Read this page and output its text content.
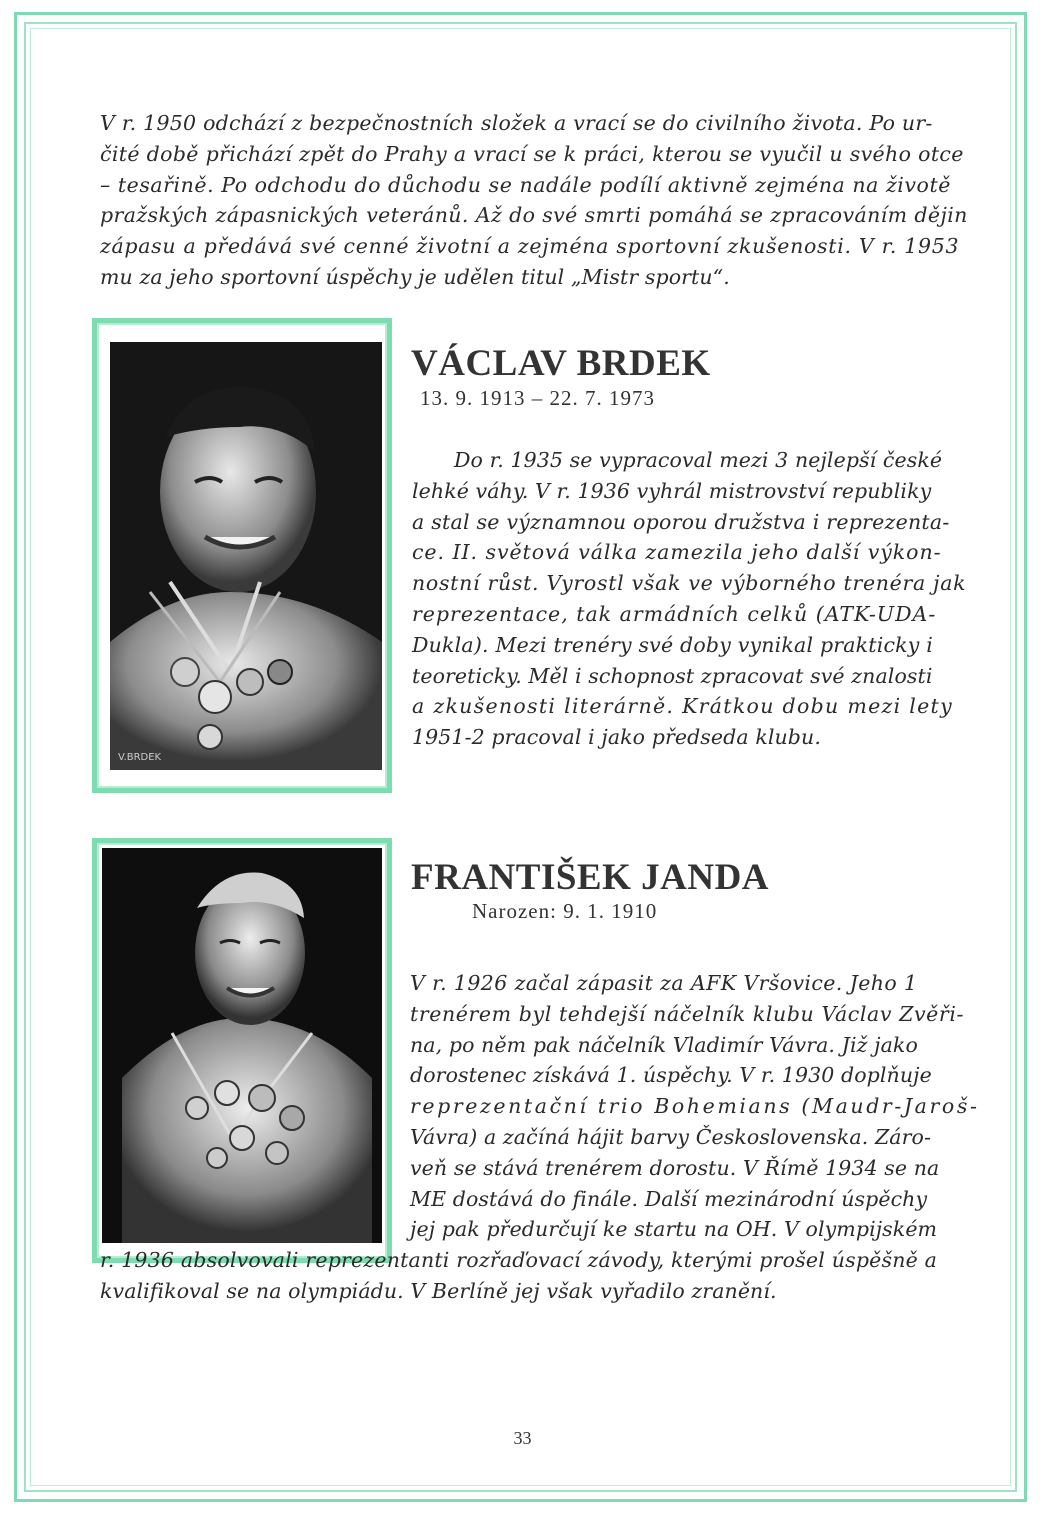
V r. 1950 odchází z bezpečnostních složek a vrací se do civilního života. Po ur-
čité době přichází zpět do Prahy a vrací se k práci, kterou se vyučil u svého otce
– tesařině. Po odchodu do důchodu se nadále podílí aktivně zejména na životě
pražských zápasnických veteránů. Až do své smrti pomáhá se zpracováním dějin
zápasu a předává své cenné životní a zejména sportovní zkušenosti. V r. 1953
mu za jeho sportovní úspěchy je udělen titul „Mistr sportu“.
V.BRDEK
VÁCLAV BRDEK
13. 9. 1913 – 22. 7. 1973
Do r. 1935 se vypracoval mezi 3 nejlepší české
lehké váhy. V r. 1936 vyhrál mistrovství republiky
a stal se významnou oporou družstva i reprezenta-
ce. II. světová válka zamezila jeho další výkon-
nostní růst. Vyrostl však ve výborného trenéra jak
reprezentace, tak armádních celků (ATK-UDA-
Dukla). Mezi trenéry své doby vynikal prakticky i
teoreticky. Měl i schopnost zpracovat své znalosti
a zkušenosti literárně. Krátkou dobu mezi lety
1951-2 pracoval i jako předseda klubu.
FRANTIŠEK JANDA
Narozen: 9. 1. 1910
V r. 1926 začal zápasit za AFK Vršovice. Jeho 1
trenérem byl tehdejší náčelník klubu Václav Zvěři-
na, po něm pak náčelník Vladimír Vávra. Již jako
dorostenec získává 1. úspěchy. V r. 1930 doplňuje
reprezentační trio Bohemians (Maudr-Jaroš-
Vávra) a začíná hájit barvy Československa. Záro-
veň se stává trenérem dorostu. V Římě 1934 se na
ME dostává do finále. Další mezinárodní úspěchy
jej pak předurčují ke startu na OH. V olympijském
r. 1936 absolvovali reprezentanti rozřaďovací závody, kterými prošel úspěšně a
kvalifikoval se na olympiádu. V Berlíně jej však vyřadilo zranění.
33
